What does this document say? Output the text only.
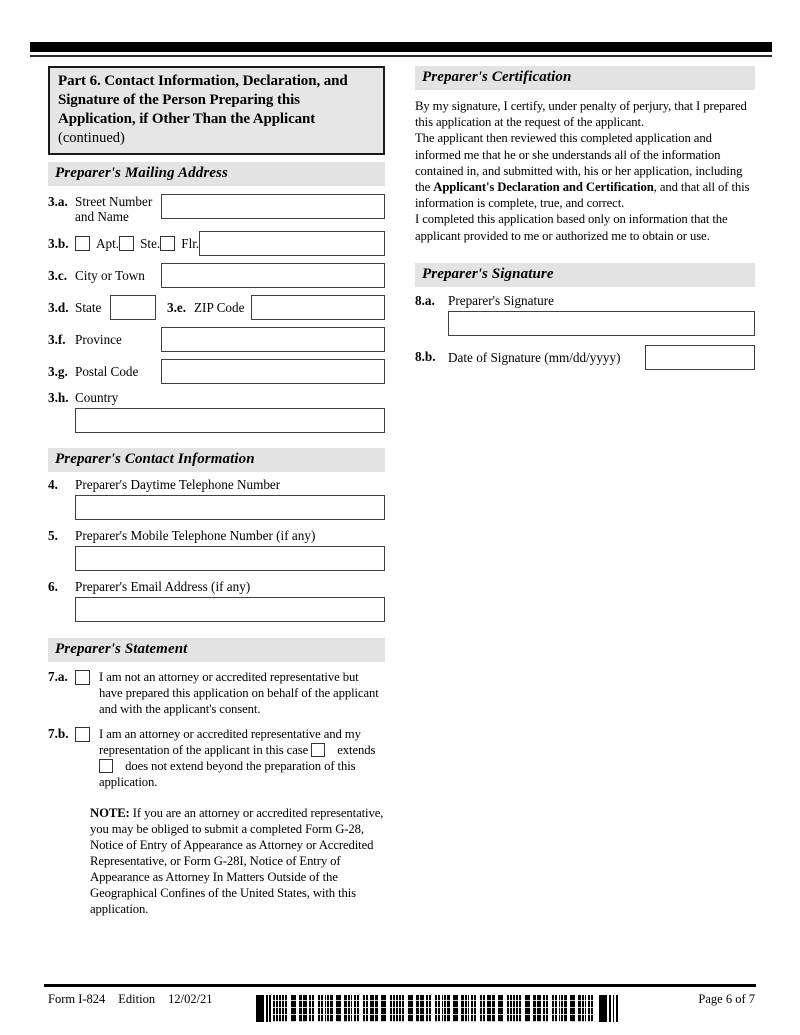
Part 6. Contact Information, Declaration, and Signature of the Person Preparing this Application, if Other Than the Applicant
(continued)
Preparer's Mailing Address
3.a. Street Number and Name
3.b.	Apt. Ste. Flr.
3.c. City or Town
3.d. State	3.e. ZIP Code
3.f. Province
3.g. Postal Code
3.h. Country
Preparer's Contact Information
4.	Preparer's Daytime Telephone Number
5.	Preparer's Mobile Telephone Number (if any)
6.	Preparer's Email Address (if any)
Preparer's Statement
7.a.	I am not an attorney or accredited representative but have prepared this application on behalf of the applicant and with the applicant's consent.
7.b.	I am an attorney or accredited representative and my representation of the applicant in this case extends  does not extend beyond the preparation of this application.
NOTE: If you are an attorney or accredited representative, you may be obliged to submit a completed Form G-28, Notice of Entry of Appearance as Attorney or Accredited Representative, or Form G-28I, Notice of Entry of Appearance as Attorney In Matters Outside of the Geographical Confines of the United States, with this application.
Preparer's Certification
By my signature, I certify, under penalty of perjury, that I prepared this application at the request of the applicant.
The applicant then reviewed this completed application and informed me that he or she understands all of the information contained in, and submitted with, his or her application, including the Applicant's Declaration and Certification, and that all of this information is complete, true, and correct.
I completed this application based only on information that the applicant provided to me or authorized me to obtain or use.
Preparer's Signature
8.a.	Preparer's Signature
8.b. Date of Signature (mm/dd/yyyy)
Form I-824 Edition 12/02/21	Page 6 of 7
